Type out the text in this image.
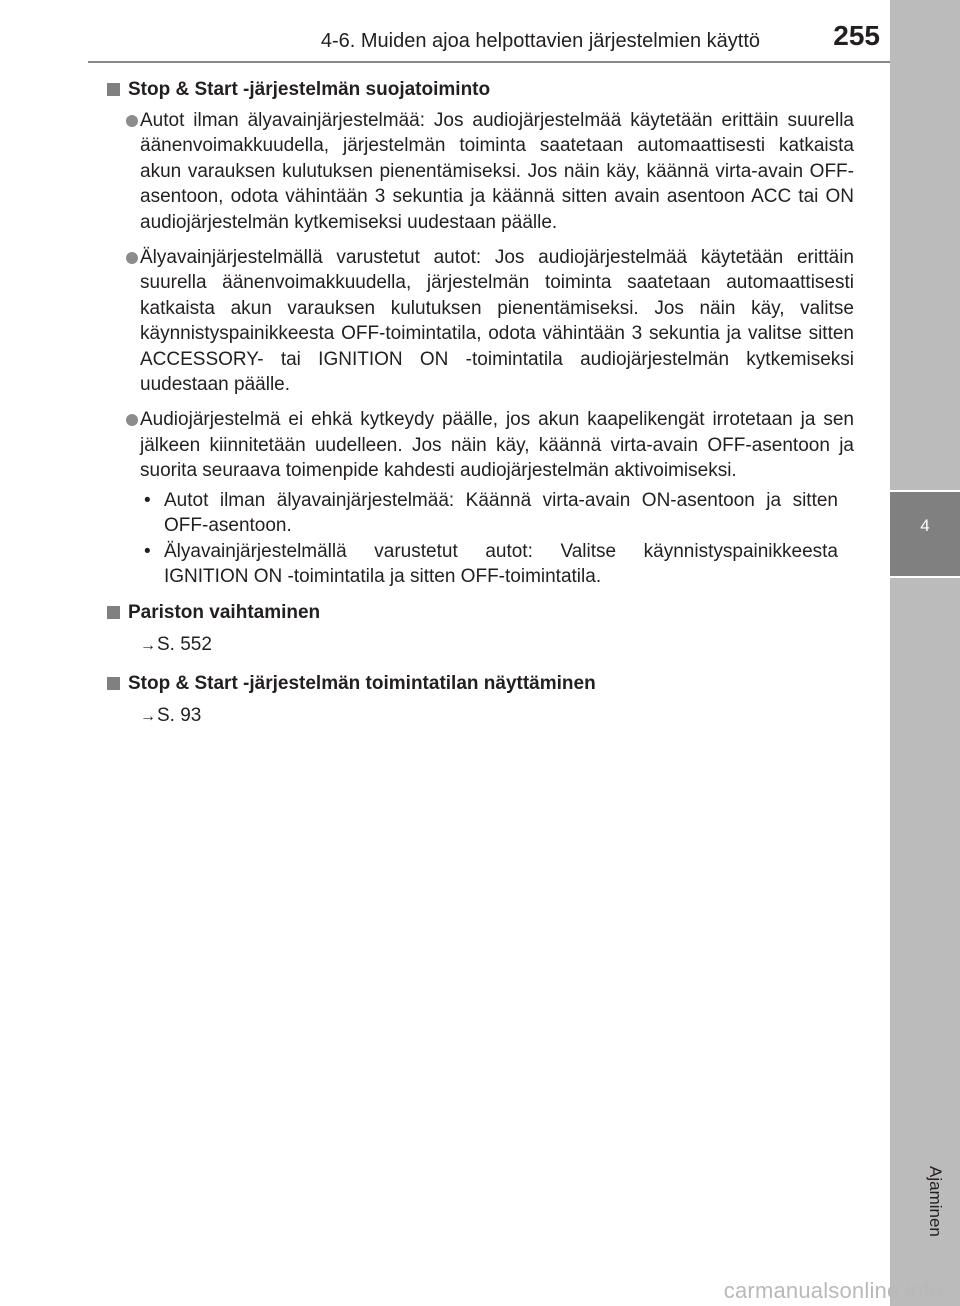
4-6. Muiden ajoa helpottavien järjestelmien käyttö	255
4
Ajaminen
Stop & Start -järjestelmän suojatoiminto
Autot ilman älyavainjärjestelmää: Jos audiojärjestelmää käytetään erittäin suurella äänenvoimakkuudella, järjestelmän toiminta saatetaan automaattisesti katkaista akun varauksen kulutuksen pienentämiseksi. Jos näin käy, käännä virta-avain OFF-asentoon, odota vähintään 3 sekuntia ja käännä sitten avain asentoon ACC tai ON audiojärjestelmän kytkemiseksi uudestaan päälle.
Älyavainjärjestelmällä varustetut autot: Jos audiojärjestelmää käytetään erittäin suurella äänenvoimakkuudella, järjestelmän toiminta saatetaan automaattisesti katkaista akun varauksen kulutuksen pienentämiseksi. Jos näin käy, valitse käynnistyspainikkeesta OFF-toimintatila, odota vähintään 3 sekuntia ja valitse sitten ACCESSORY- tai IGNITION ON -toimintatila audiojärjestelmän kytkemiseksi uudestaan päälle.
Audiojärjestelmä ei ehkä kytkeydy päälle, jos akun kaapelikengät irrotetaan ja sen jälkeen kiinnitetään uudelleen. Jos näin käy, käännä virta-avain OFF-asentoon ja suorita seuraava toimenpide kahdesti audiojärjestelmän aktivoimiseksi.
• Autot ilman älyavainjärjestelmää: Käännä virta-avain ON-asentoon ja sitten OFF-asentoon.
• Älyavainjärjestelmällä varustetut autot: Valitse käynnistyspainikkeesta IGNITION ON -toimintatila ja sitten OFF-toimintatila.
Pariston vaihtaminen
→S. 552
Stop & Start -järjestelmän toimintatilan näyttäminen
→S. 93
carmanualsonline.info
